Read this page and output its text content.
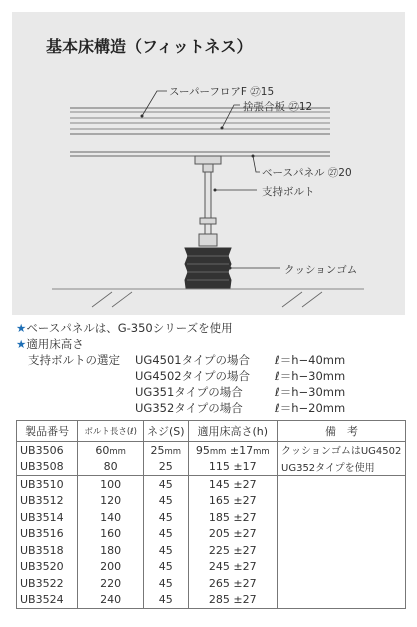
基本床構造（フィットネス）
スーパーフロアF ㉗15
捨張合板 ㉗12
ベースパネル ㉗20
支持ボルト
クッションゴム
★ベースパネルは、G-350シリーズを使用
★適用床高さ
支持ボルトの選定 UG4501タイプの場合 ℓ＝h−40mm
UG4502タイプの場合 ℓ＝h−30mm
UG351タイプの場合	ℓ＝h−30mm
UG352タイプの場合	ℓ＝h−20mm
製品番号	ボルト長さ(ℓ)	ネジ(S)	適用床高さ(h)	備　考
UB3506	60mm	25mm	95mm ±17mm	クッションゴムはUG4502
UB3508	80	25	115 ±17	UG352タイプを使用
UB3510	100	45	145 ±27	
UB3512	120	45	165 ±27	
UB3514	140	45	185 ±27	
UB3516	160	45	205 ±27	
UB3518	180	45	225 ±27	
UB3520	200	45	245 ±27	
UB3522	220	45	265 ±27	
UB3524	240	45	285 ±27	
